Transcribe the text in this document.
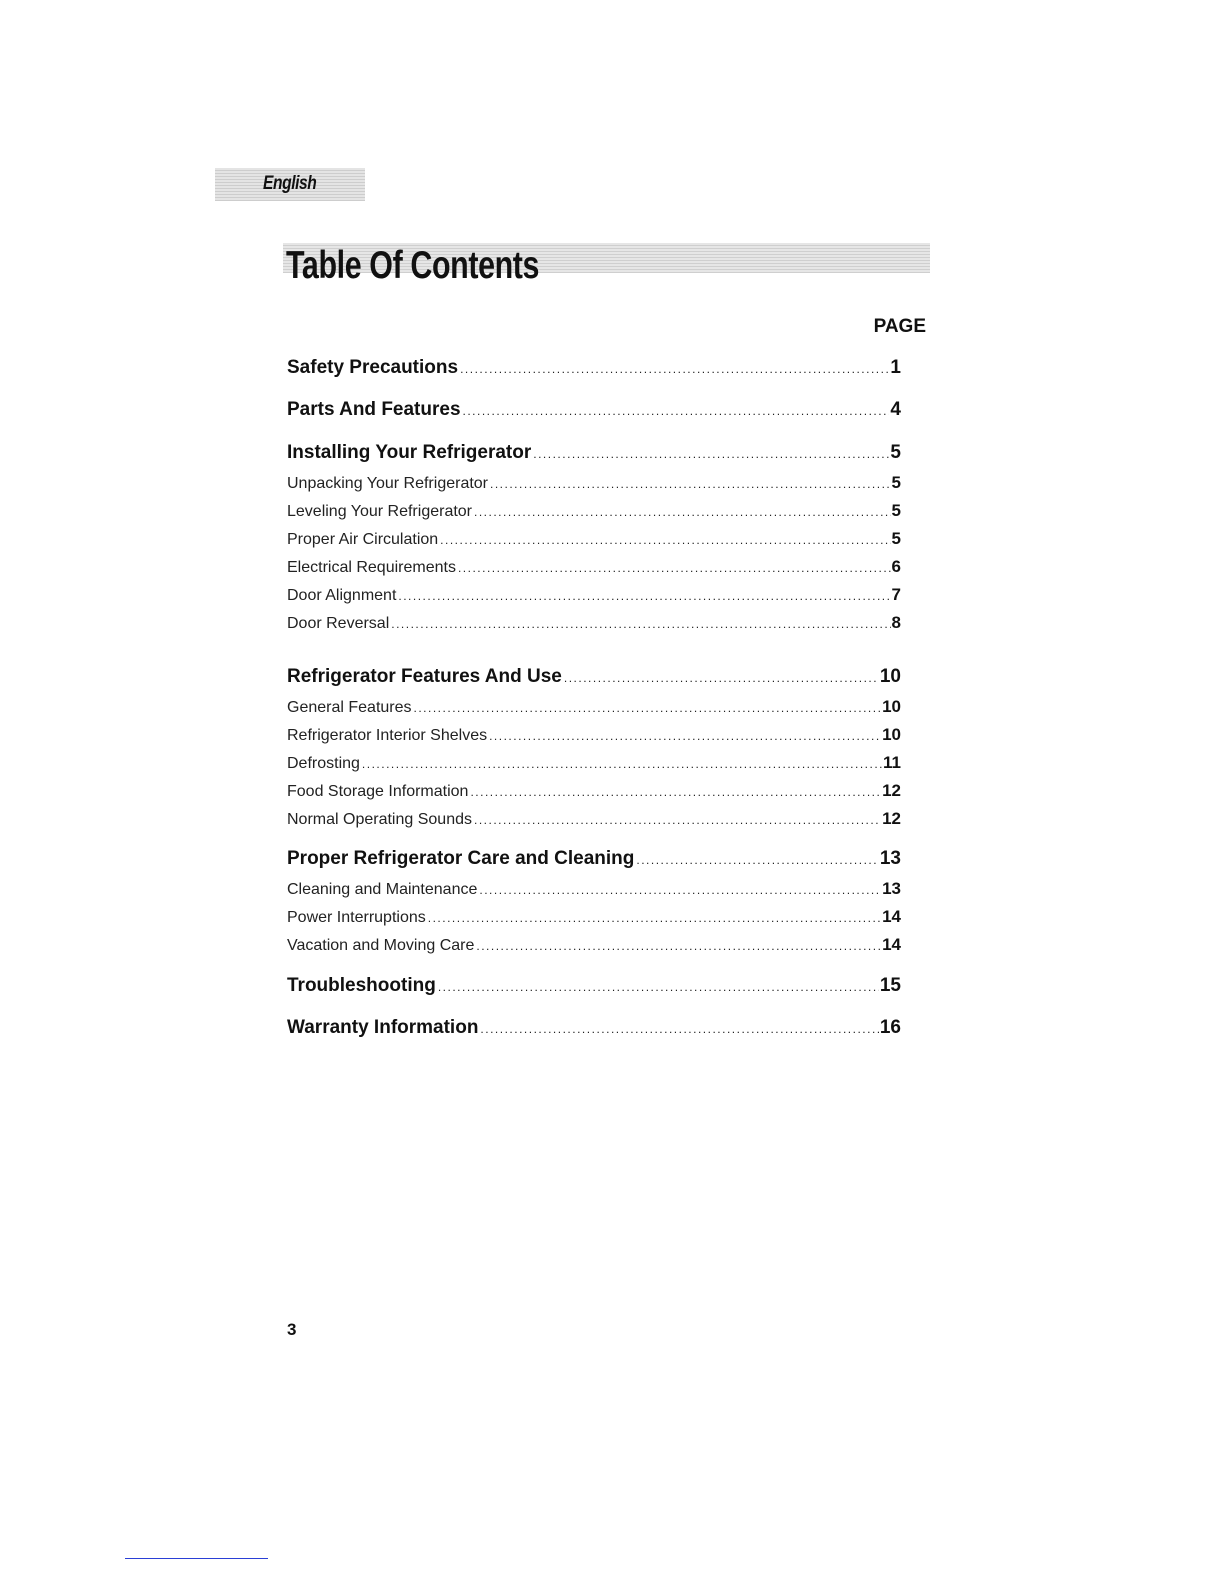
English
Table Of Contents
PAGE
Safety Precautions .....	1
Parts And Features .....	4
Installing Your Refrigerator .....	5
Unpacking Your Refrigerator .....	5
Leveling Your Refrigerator .....	5
Proper Air Circulation .....	5
Electrical Requirements .....	6
Door Alignment .....	7
Door Reversal .....	8
Refrigerator Features And Use .....	10
General Features .....	10
Refrigerator Interior Shelves .....	10
Defrosting .....	11
Food Storage Information .....	12
Normal Operating Sounds .....	12
Proper Refrigerator Care and Cleaning .....	13
Cleaning and Maintenance .....	13
Power Interruptions .....	14
Vacation and Moving Care .....	14
Troubleshooting .....	15
Warranty Information .....	16
3
